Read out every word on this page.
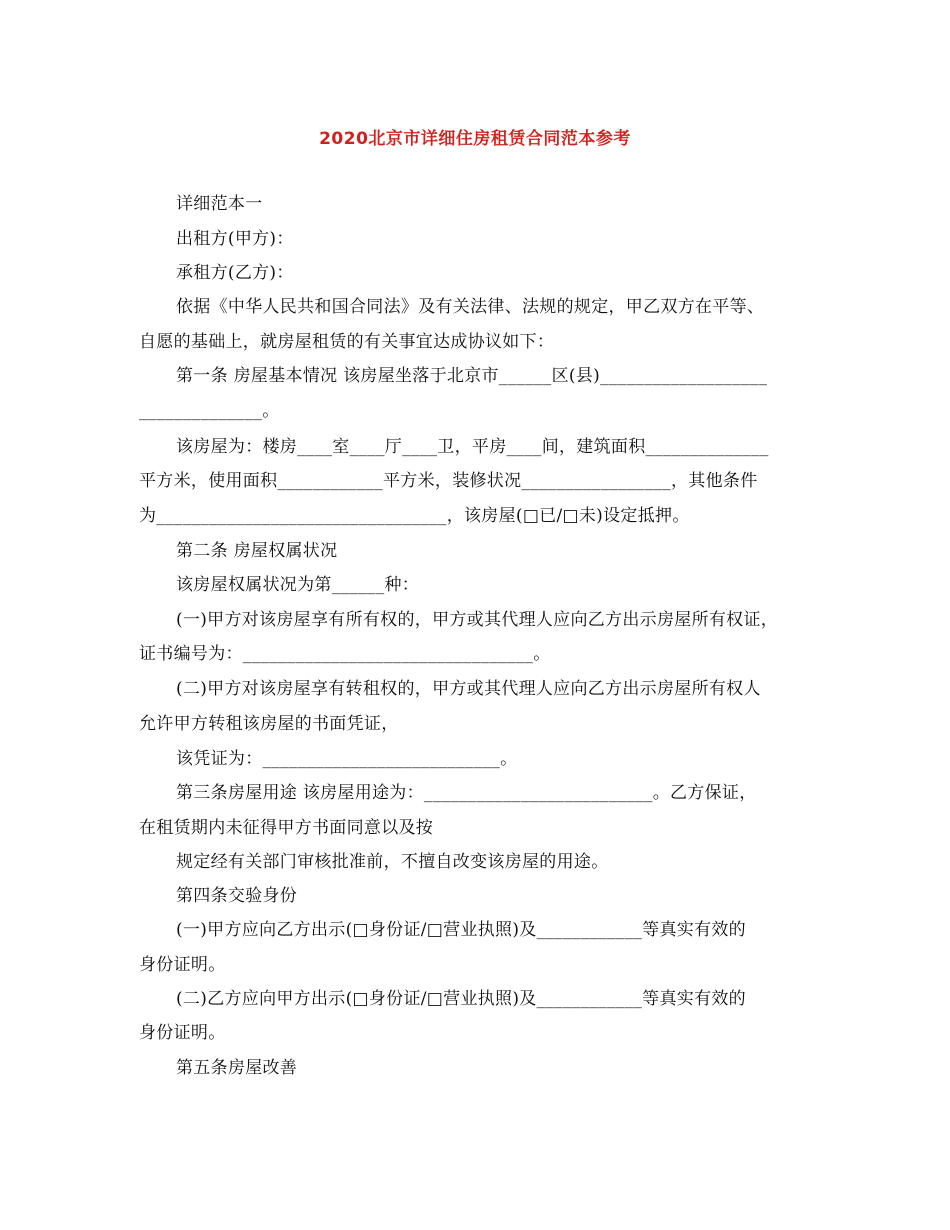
2020北京市详细住房租赁合同范本参考
详细范本一
出租方(甲方)：
承租方(乙方)：
依据《中华人民共和国合同法》及有关法律、法规的规定，甲乙双方在平等、
自愿的基础上，就房屋租赁的有关事宜达成协议如下：
第一条 房屋基本情况 该房屋坐落于北京市______区(县)___________________
______________。
该房屋为：楼房____室____厅____卫，平房____间，建筑面积______________
平方米，使用面积____________平方米，装修状况_________________，其他条件
为_________________________________，该房屋(□已/□未)设定抵押。
第二条 房屋权属状况
该房屋权属状况为第______种：
(一)甲方对该房屋享有所有权的，甲方或其代理人应向乙方出示房屋所有权证，
证书编号为：_________________________________。
(二)甲方对该房屋享有转租权的，甲方或其代理人应向乙方出示房屋所有权人
允许甲方转租该房屋的书面凭证，
该凭证为：___________________________。
第三条房屋用途 该房屋用途为：__________________________。乙方保证，
在租赁期内未征得甲方书面同意以及按
规定经有关部门审核批准前，不擅自改变该房屋的用途。
第四条交验身份
(一)甲方应向乙方出示(□身份证/□营业执照)及____________等真实有效的
身份证明。
(二)乙方应向甲方出示(□身份证/□营业执照)及____________等真实有效的
身份证明。
第五条房屋改善
